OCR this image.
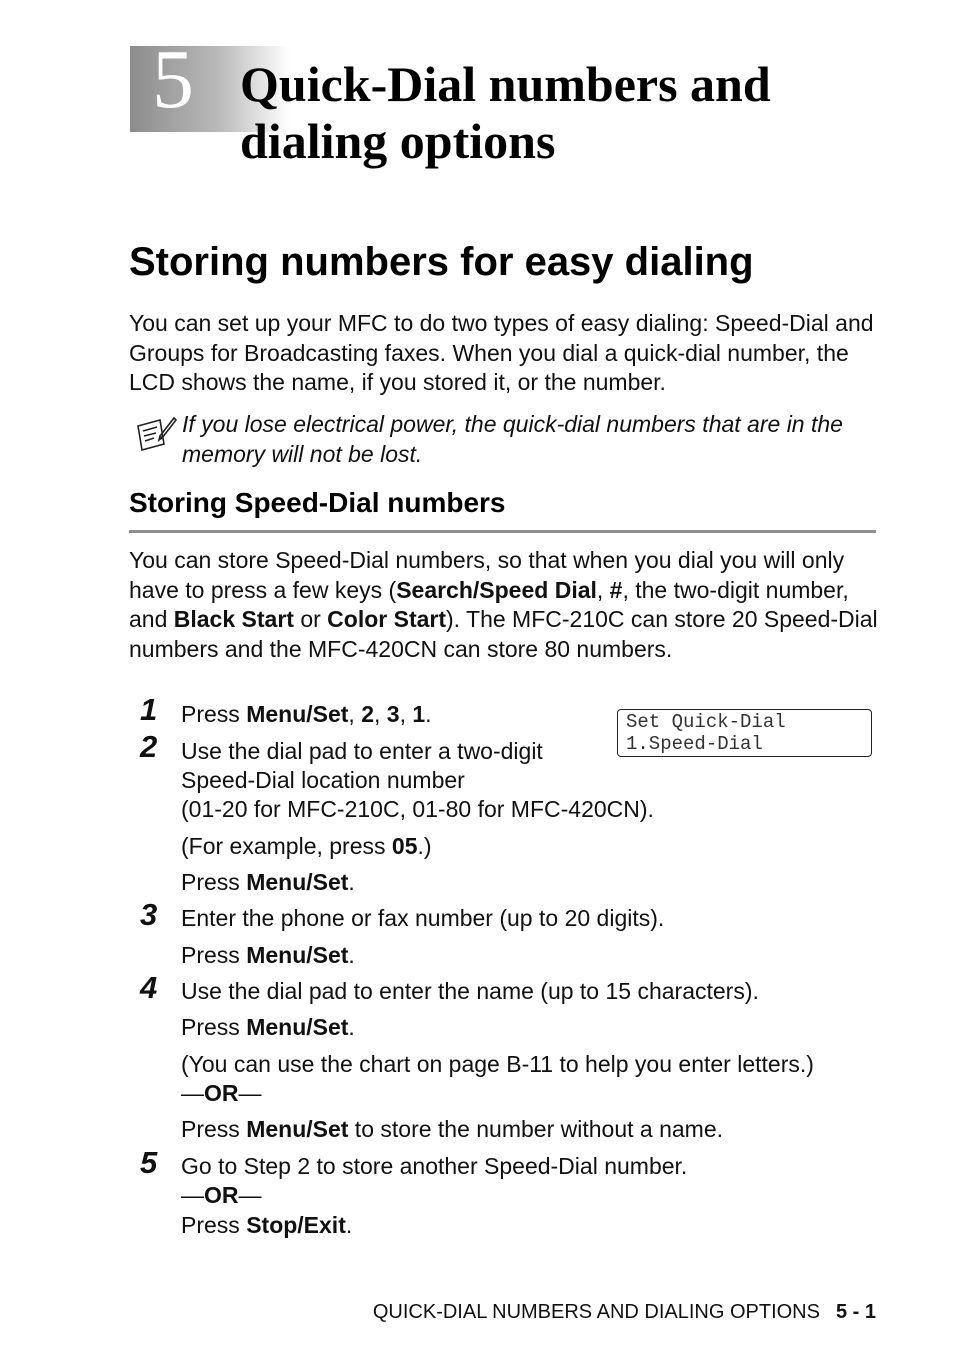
5 Quick-Dial numbers and
dialing options
Storing numbers for easy dialing

You can set up your MFC to do two types of easy dialing: Speed-Dial and Groups for Broadcasting faxes. When you dial a quick-dial number, the LCD shows the name, if you stored it, or the number.

If you lose electrical power, the quick-dial numbers that are in the memory will not be lost.

Storing Speed-Dial numbers

You can store Speed-Dial numbers, so that when you dial you will only have to press a few keys (Search/Speed Dial, #, the two-digit number, and Black Start or Color Start). The MFC-210C can store 20 Speed-Dial numbers and the MFC-420CN can store 80 numbers.

Set Quick-Dial
1.Speed-Dial
1 Press Menu/Set, 2, 3, 1.

2 Use the dial pad to enter a two-digit

Speed-Dial location number

(01-20 for MFC-210C, 01-80 for MFC-420CN).

(For example, press 05.)

Press Menu/Set.

3 Enter the phone or fax number (up to 20 digits).

Press Menu/Set.

4 Use the dial pad to enter the name (up to 15 characters).

Press Menu/Set.

(You can use the chart on page B-11 to help you enter letters.)

—OR—

Press Menu/Set to store the number without a name.

5 Go to Step 2 to store another Speed-Dial number.

—OR—

Press Stop/Exit.

QUICK-DIAL NUMBERS AND DIALING OPTIONS 5 - 1
